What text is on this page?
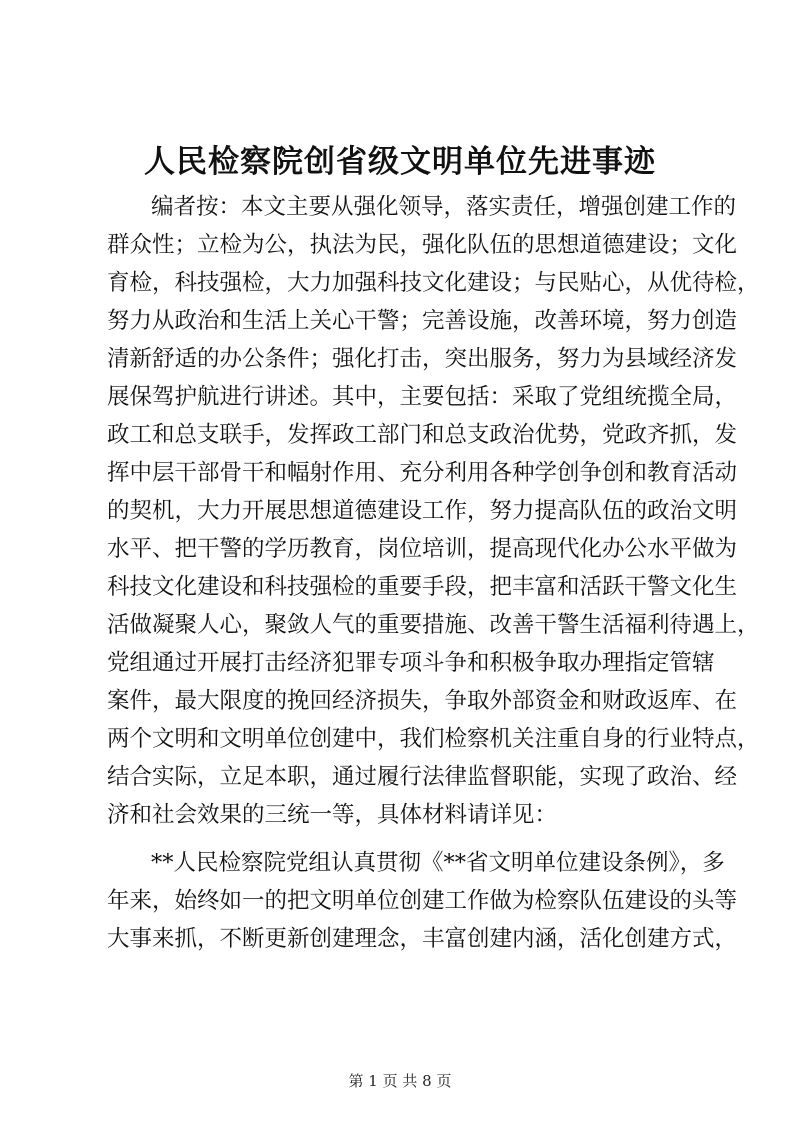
人民检察院创省级文明单位先进事迹

编者按：本文主要从强化领导，落实责任，增强创建工作的

群众性；立检为公，执法为民，强化队伍的思想道德建设；文化

育检，科技强检，大力加强科技文化建设；与民贴心，从优待检，

努力从政治和生活上关心干警；完善设施，改善环境，努力创造

清新舒适的办公条件；强化打击，突出服务，努力为县域经济发

展保驾护航进行讲述。其中，主要包括：采取了党组统揽全局，

政工和总支联手，发挥政工部门和总支政治优势，党政齐抓，发

挥中层干部骨干和幅射作用、充分利用各种学创争创和教育活动

的契机，大力开展思想道德建设工作，努力提高队伍的政治文明

水平、把干警的学历教育，岗位培训，提高现代化办公水平做为

科技文化建设和科技强检的重要手段，把丰富和活跃干警文化生

活做凝聚人心，聚敛人气的重要措施、改善干警生活福利待遇上，

党组通过开展打击经济犯罪专项斗争和积极争取办理指定管辖

案件，最大限度的挽回经济损失，争取外部资金和财政返库、在

两个文明和文明单位创建中，我们检察机关注重自身的行业特点，

结合实际，立足本职，通过履行法律监督职能，实现了政治、经

济和社会效果的三统一等，具体材料请详见：

**人民检察院党组认真贯彻《**省文明单位建设条例》，多

年来，始终如一的把文明单位创建工作做为检察队伍建设的头等

大事来抓，不断更新创建理念，丰富创建内涵，活化创建方式，

第 1 页 共 8 页
